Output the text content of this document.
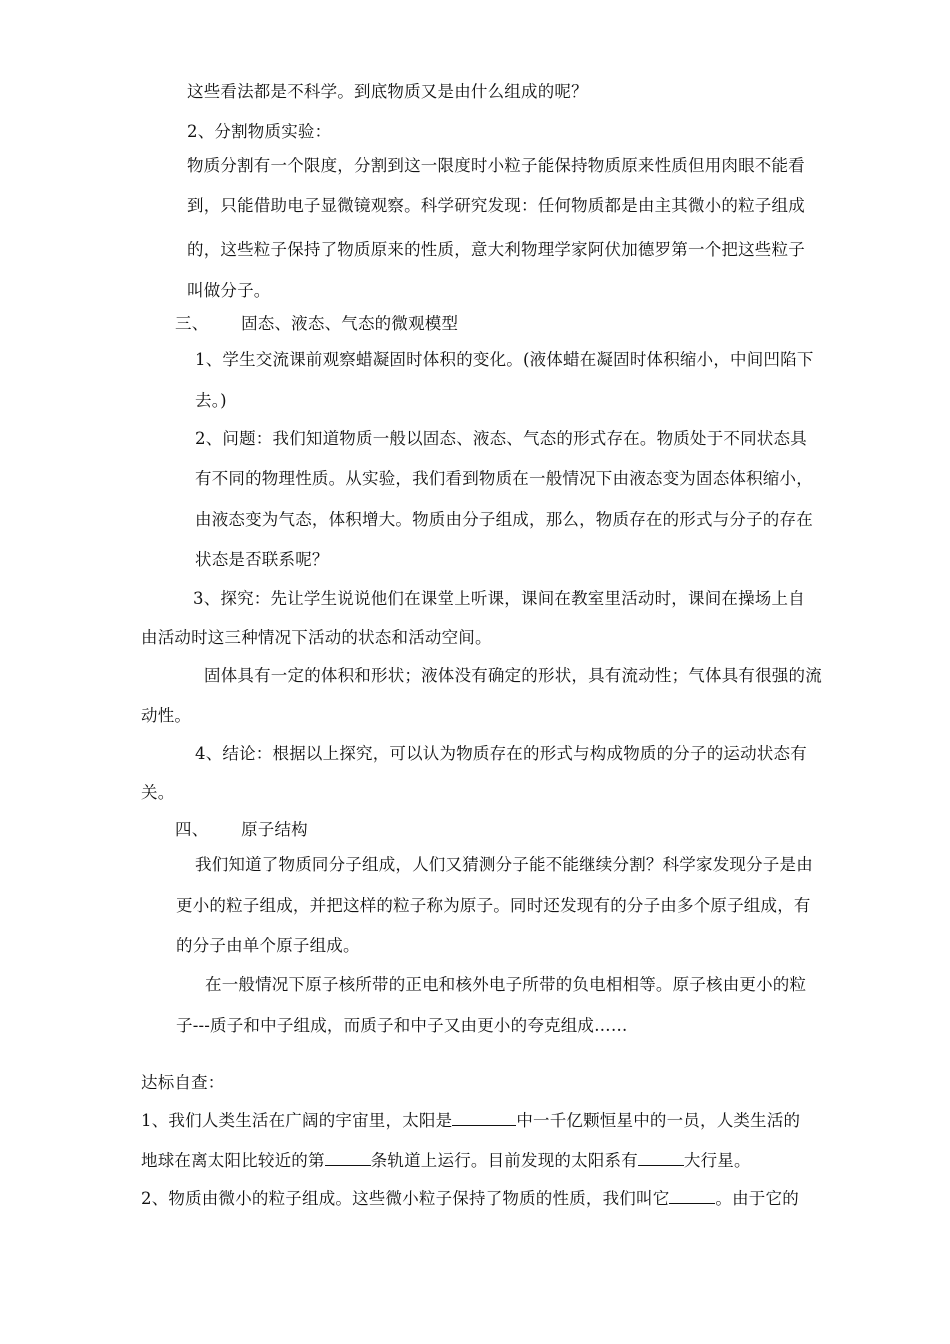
这些看法都是不科学。到底物质又是由什么组成的呢？
2、分割物质实验：
物质分割有一个限度，分割到这一限度时小粒子能保持物质原来性质但用肉眼不能看
到，只能借助电子显微镜观察。科学研究发现：任何物质都是由主其微小的粒子组成
的，这些粒子保持了物质原来的性质，意大利物理学家阿伏加德罗第一个把这些粒子
叫做分子。
三、      固态、液态、气态的微观模型
1、学生交流课前观察蜡凝固时体积的变化。(液体蜡在凝固时体积缩小，中间凹陷下
去。)
2、问题：我们知道物质一般以固态、液态、气态的形式存在。物质处于不同状态具
有不同的物理性质。从实验，我们看到物质在一般情况下由液态变为固态体积缩小，
由液态变为气态，体积增大。物质由分子组成，那么，物质存在的形式与分子的存在
状态是否联系呢？
3、探究：先让学生说说他们在课堂上听课，课间在教室里活动时，课间在操场上自
由活动时这三种情况下活动的状态和活动空间。
固体具有一定的体积和形状；液体没有确定的形状，具有流动性；气体具有很强的流
动性。
4、结论：根据以上探究，可以认为物质存在的形式与构成物质的分子的运动状态有
关。
四、      原子结构
我们知道了物质同分子组成，人们又猜测分子能不能继续分割？科学家发现分子是由
更小的粒子组成，并把这样的粒子称为原子。同时还发现有的分子由多个原子组成，有
的分子由单个原子组成。
在一般情况下原子核所带的正电和核外电子所带的负电相相等。原子核由更小的粒
子---质子和中子组成，而质子和中子又由更小的夸克组成……
达标自查：
1、我们人类生活在广阔的宇宙里，太阳是	中一千亿颗恒星中的一员，人类生活的
地球在离太阳比较近的第	条轨道上运行。目前发现的太阳系有	大行星。
2、物质由微小的粒子组成。这些微小粒子保持了物质的性质，我们叫它	。由于它的
